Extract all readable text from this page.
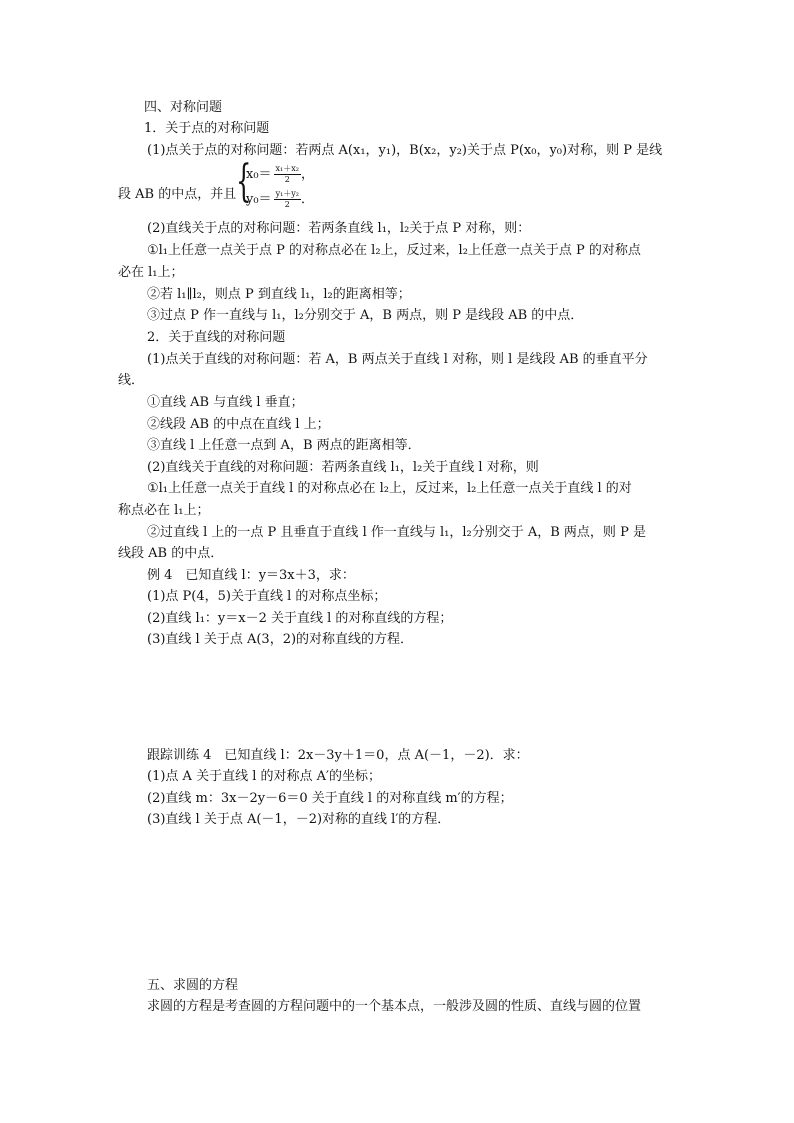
四、对称问题
1．关于点的对称问题
(1)点关于点的对称问题：若两点 A(x₁，y₁)，B(x₂，y₂)关于点 P(x₀，y₀)对称，则 P 是线
段 AB 的中点，并且
(2)直线关于点的对称问题：若两条直线 l₁，l₂关于点 P 对称，则：
①l₁上任意一点关于点 P 的对称点必在 l₂上，反过来，l₂上任意一点关于点 P 的对称点
必在 l₁上；
②若 l₁∥l₂，则点 P 到直线 l₁，l₂的距离相等；
③过点 P 作一直线与 l₁，l₂分别交于 A，B 两点，则 P 是线段 AB 的中点．
2．关于直线的对称问题
(1)点关于直线的对称问题：若 A，B 两点关于直线 l 对称，则 l 是线段 AB 的垂直平分
线．
①直线 AB 与直线 l 垂直；
②线段 AB 的中点在直线 l 上；
③直线 l 上任意一点到 A，B 两点的距离相等．
(2)直线关于直线的对称问题：若两条直线 l₁，l₂关于直线 l 对称，则
①l₁上任意一点关于直线 l 的对称点必在 l₂上，反过来，l₂上任意一点关于直线 l 的对
称点必在 l₁上；
②过直线 l 上的一点 P 且垂直于直线 l 作一直线与 l₁，l₂分别交于 A，B 两点，则 P 是
线段 AB 的中点．
例 4　已知直线 l：y＝3x＋3，求：
(1)点 P(4，5)关于直线 l 的对称点坐标；
(2)直线 l₁：y＝x－2 关于直线 l 的对称直线的方程；
(3)直线 l 关于点 A(3，2)的对称直线的方程．
跟踪训练 4　已知直线 l：2x－3y＋1＝0，点 A(－1，－2)．求：
(1)点 A 关于直线 l 的对称点 A′的坐标；
(2)直线 m：3x－2y－6＝0 关于直线 l 的对称直线 m′的方程；
(3)直线 l 关于点 A(－1，－2)对称的直线 l′的方程．
五、求圆的方程
求圆的方程是考查圆的方程问题中的一个基本点，一般涉及圆的性质、直线与圆的位置
{
$x_0= \frac{\text{x₁＋x₂}}{2}$ ，
$y_0= \frac{\text{y₁＋y₂}}{2}$ ．
